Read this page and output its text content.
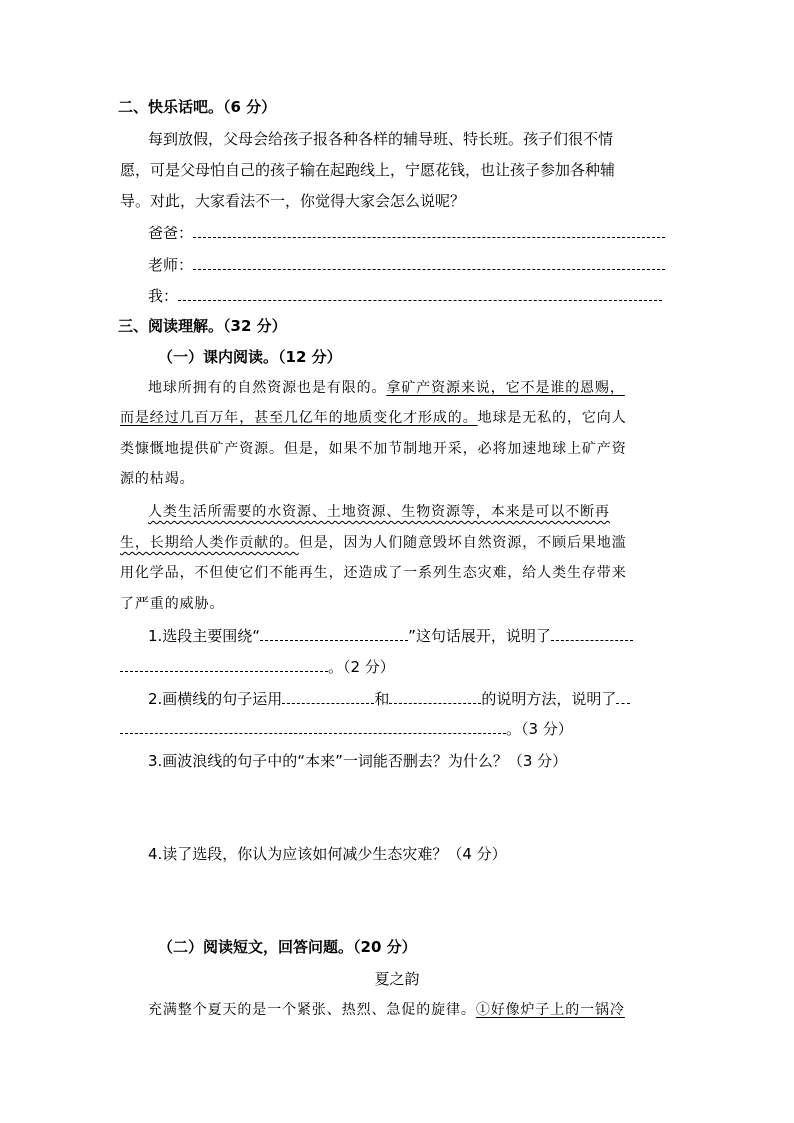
二、快乐话吧。（6 分）
每到放假，父母会给孩子报各种各样的辅导班、特长班。孩子们很不情
愿，可是父母怕自己的孩子输在起跑线上，宁愿花钱，也让孩子参加各种辅
导。对此，大家看法不一，你觉得大家会怎么说呢？
爸爸：
老师：
我：
三、阅读理解。（32 分）
（一）课内阅读。（12 分）
地球所拥有的自然资源也是有限的。拿矿产资源来说，它不是谁的恩赐，
而是经过几百万年，甚至几亿年的地质变化才形成的。地球是无私的，它向人
类慷慨地提供矿产资源。但是，如果不加节制地开采，必将加速地球上矿产资
源的枯竭。
人类生活所需要的水资源、土地资源、生物资源等，本来是可以不断再
生，长期给人类作贡献的。但是，因为人们随意毁坏自然资源，不顾后果地滥
用化学品，不但使它们不能再生，还造成了一系列生态灾难，给人类生存带来
了严重的威胁。
1.选段主要围绕“	”这句话展开，说明了
。（2 分）
2.画横线的句子运用	和	的说明方法，说明了
。（3 分）
3.画波浪线的句子中的“本来”一词能否删去？为什么？（3 分）
4.读了选段，你认为应该如何减少生态灾难？（4 分）
（二）阅读短文，回答问题。（20 分）
夏之韵
充满整个夏天的是一个紧张、热烈、急促的旋律。①好像炉子上的一锅冷
